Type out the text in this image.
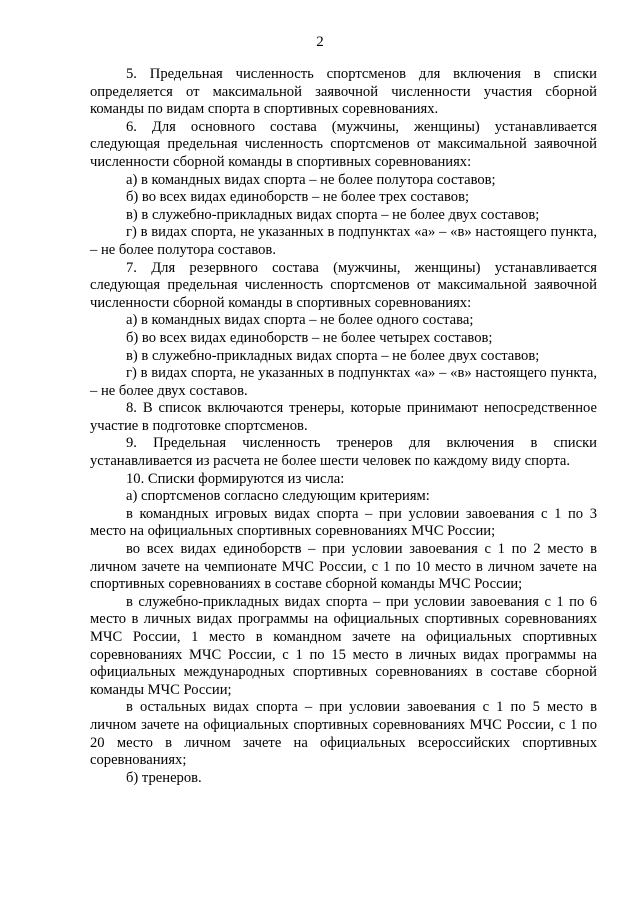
2

5. Предельная численность спортсменов для включения в списки определяется от максимальной заявочной численности участия сборной команды по видам спорта в спортивных соревнованиях.

6. Для основного состава (мужчины, женщины) устанавливается следующая предельная численность спортсменов от максимальной заявочной численности сборной команды в спортивных соревнованиях:

а) в командных видах спорта – не более полутора составов;

б) во всех видах единоборств – не более трех составов;

в) в служебно-прикладных видах спорта – не более двух составов;

г) в видах спорта, не указанных в подпунктах «а» – «в» настоящего пункта, – не более полутора составов.

7. Для резервного состава (мужчины, женщины) устанавливается следующая предельная численность спортсменов от максимальной заявочной численности сборной команды в спортивных соревнованиях:

а) в командных видах спорта – не более одного состава;

б) во всех видах единоборств – не более четырех составов;

в) в служебно-прикладных видах спорта – не более двух составов;

г) в видах спорта, не указанных в подпунктах «а» – «в» настоящего пункта, – не более двух составов.

8. В список включаются тренеры, которые принимают непосредственное участие в подготовке спортсменов.

9. Предельная численность тренеров для включения в списки устанавливается из расчета не более шести человек по каждому виду спорта.

10. Списки формируются из числа:

а) спортсменов согласно следующим критериям:

в командных игровых видах спорта – при условии завоевания с 1 по 3 место на официальных спортивных соревнованиях МЧС России;

во всех видах единоборств – при условии завоевания с 1 по 2 место в личном зачете на чемпионате МЧС России, с 1 по 10 место в личном зачете на спортивных соревнованиях в составе сборной команды МЧС России;

в служебно-прикладных видах спорта – при условии завоевания с 1 по 6 место в личных видах программы на официальных спортивных соревнованиях МЧС России, 1 место в командном зачете на официальных спортивных соревнованиях МЧС России, с 1 по 15 место в личных видах программы на официальных международных спортивных соревнованиях в составе сборной команды МЧС России;

в остальных видах спорта – при условии завоевания с 1 по 5 место в личном зачете на официальных спортивных соревнованиях МЧС России, с 1 по 20 место в личном зачете на официальных всероссийских спортивных соревнованиях;

б) тренеров.
